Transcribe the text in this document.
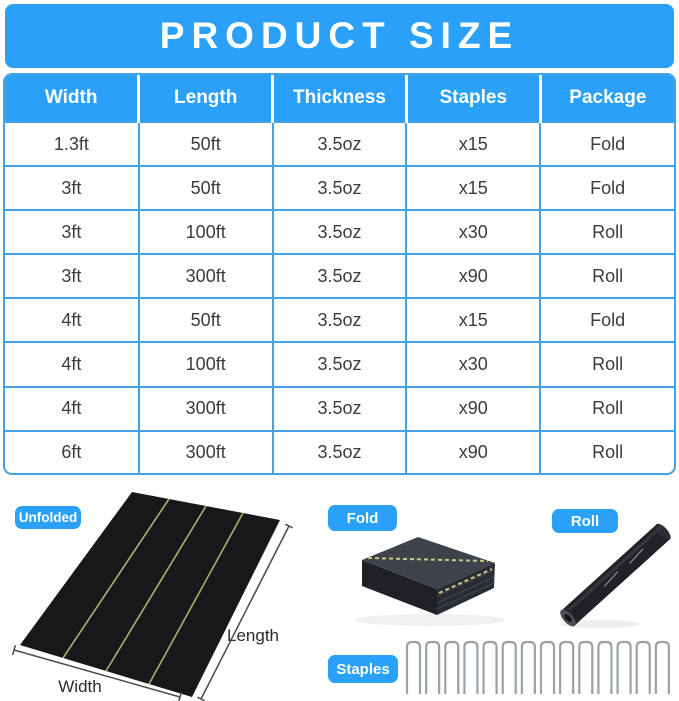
PRODUCT SIZE
Width	Length	Thickness	Staples	Package
1.3ft	50ft	3.5oz	x15	Fold
3ft	50ft	3.5oz	x15	Fold
3ft	100ft	3.5oz	x30	Roll
3ft	300ft	3.5oz	x90	Roll
4ft	50ft	3.5oz	x15	Fold
4ft	100ft	3.5oz	x30	Roll
4ft	300ft	3.5oz	x90	Roll
6ft	300ft	3.5oz	x90	Roll
Width
Length
Unfolded	Fold	Roll
Staples
